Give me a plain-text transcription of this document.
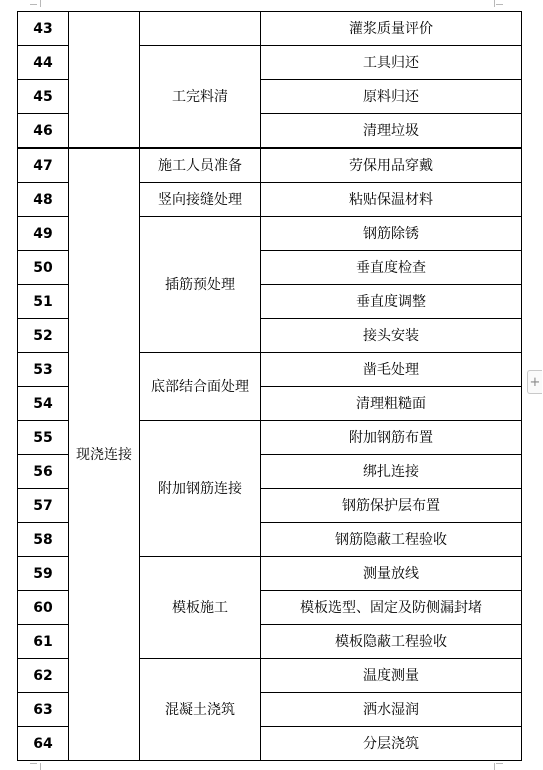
43			灌浆质量评价
44		工完料清	工具归还
45			原料归还
46			清理垃圾
47	现浇连接	施工人员准备	劳保用品穿戴
48		竖向接缝处理	粘贴保温材料
49		插筋预处理	钢筋除锈
50			垂直度检查
51			垂直度调整
52			接头安装
53		底部结合面处理	凿毛处理
54			清理粗糙面
55		附加钢筋连接	附加钢筋布置
56			绑扎连接
57			钢筋保护层布置
58			钢筋隐蔽工程验收
59		模板施工	测量放线
60			模板选型、固定及防侧漏封堵
61			模板隐蔽工程验收
62		混凝土浇筑	温度测量
63			洒水湿润
64			分层浇筑
+
